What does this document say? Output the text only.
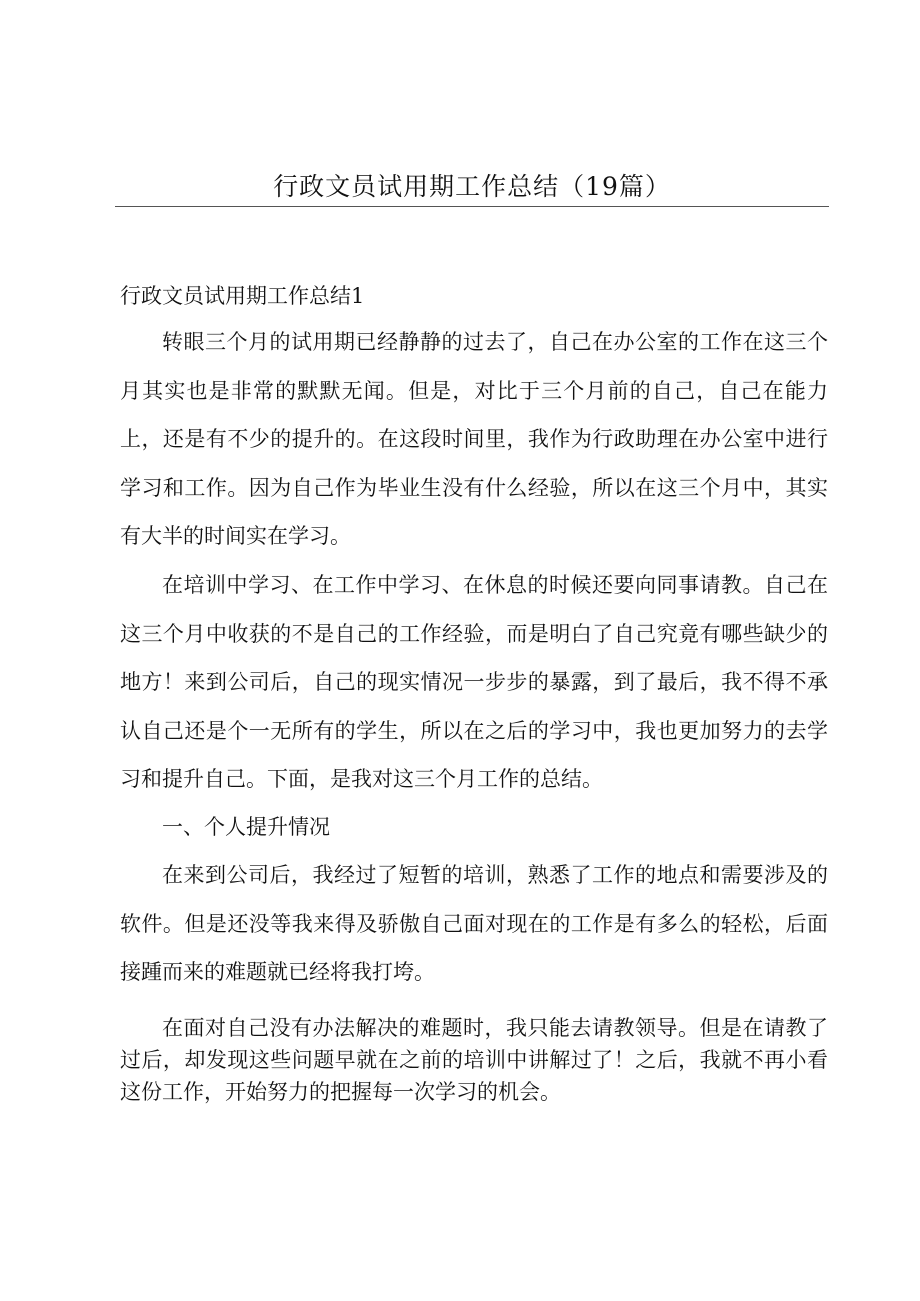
行政文员试用期工作总结（19篇）
行政文员试用期工作总结1

转眼三个月的试用期已经静静的过去了，自己在办公室的工作在这三个月其实也是非常的默默无闻。但是，对比于三个月前的自己，自己在能力上，还是有不少的提升的。在这段时间里，我作为行政助理在办公室中进行学习和工作。因为自己作为毕业生没有什么经验，所以在这三个月中，其实有大半的时间实在学习。

在培训中学习、在工作中学习、在休息的时候还要向同事请教。自己在这三个月中收获的不是自己的工作经验，而是明白了自己究竟有哪些缺少的地方！来到公司后，自己的现实情况一步步的暴露，到了最后，我不得不承认自己还是个一无所有的学生，所以在之后的学习中，我也更加努力的去学习和提升自己。下面，是我对这三个月工作的总结。

一、个人提升情况

在来到公司后，我经过了短暂的培训，熟悉了工作的地点和需要涉及的软件。但是还没等我来得及骄傲自己面对现在的工作是有多么的轻松，后面接踵而来的难题就已经将我打垮。

在面对自己没有办法解决的难题时，我只能去请教领导。但是在请教了过后，却发现这些问题早就在之前的培训中讲解过了！之后，我就不再小看这份工作，开始努力的把握每一次学习的机会。
